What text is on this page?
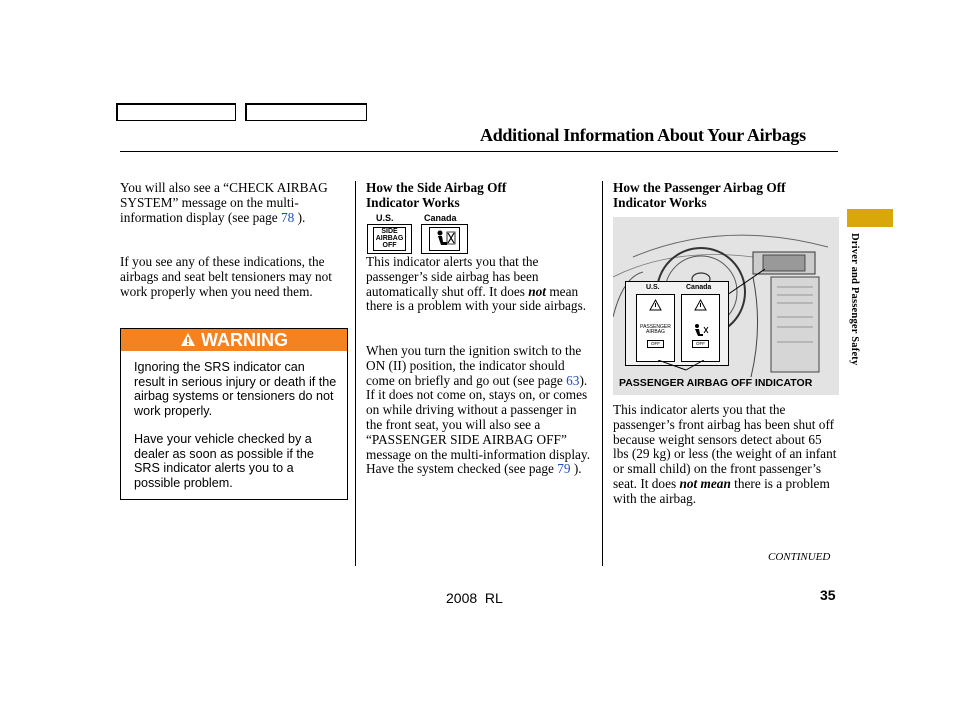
Additional Information About Your Airbags
You will also see a “CHECK AIRBAG SYSTEM” message on the multi-information display (see page 78 ).
If you see any of these indications, the airbags and seat belt tensioners may not work properly when you need them.
WARNING
Ignoring the SRS indicator can result in serious injury or death if the airbag systems or tensioners do not work properly.
Have your vehicle checked by a dealer as soon as possible if the SRS indicator alerts you to a possible problem.
How the Side Airbag Off Indicator Works
U.S.	Canada
SIDE
AIRBAG
OFF
This indicator alerts you that the passenger’s side airbag has been automatically shut off. It does not mean there is a problem with your side airbags.
When you turn the ignition switch to the ON (II) position, the indicator should come on briefly and go out (see page 63). If it does not come on, stays on, or comes on while driving without a passenger in the front seat, you will also see a “PASSENGER SIDE AIRBAG OFF” message on the multi-information display. Have the system checked (see page 79 ).
How the Passenger Airbag Off Indicator Works
U.S.	Canada
PASSENGER AIRBAG
OFF	OFF
PASSENGER AIRBAG OFF INDICATOR
This indicator alerts you that the passenger’s front airbag has been shut off because weight sensors detect about 65 lbs (29 kg) or less (the weight of an infant or small child) on the front passenger’s seat. It does not mean there is a problem with the airbag.
Driver and Passenger Safety
CONTINUED
2008  RL	35
